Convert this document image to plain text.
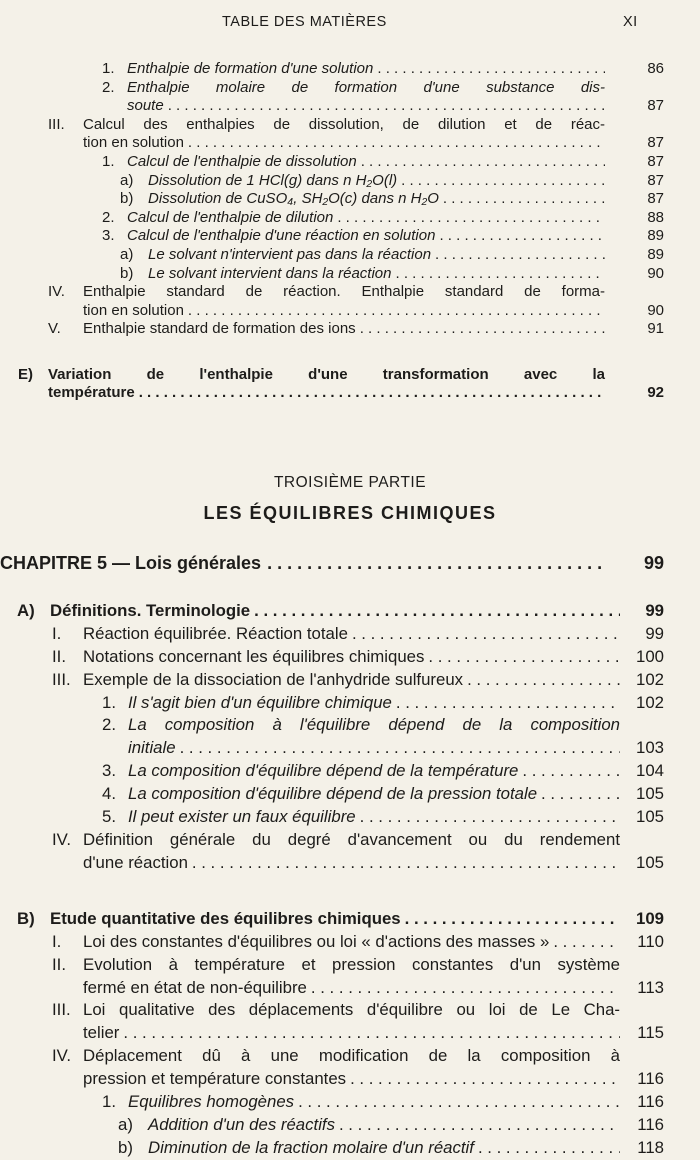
TABLE DES MATIÈRES	XI
1. Enthalpie de formation d'une solution . . .	86
2. Enthalpie molaire de formation d'une substance dis-
soute . . .	87
III. Calcul des enthalpies de dissolution, de dilution et de réac-
tion en solution . . .	87
1. Calcul de l'enthalpie de dissolution . . .	87
a) Dissolution de 1 HCl(g) dans n H₂O(l) . . .	87
b) Dissolution de CuSO₄, SH₂O(c) dans n H₂O . . .	87
2. Calcul de l'enthalpie de dilution . . .	88
3. Calcul de l'enthalpie d'une réaction en solution . . .	89
a) Le solvant n'intervient pas dans la réaction . . .	89
b) Le solvant intervient dans la réaction . . .	90
IV. Enthalpie standard de réaction. Enthalpie standard de forma-
tion en solution . . .	90
V. Enthalpie standard de formation des ions . . .	91
E) Variation de l'enthalpie d'une transformation avec la
température . . .	92
TROISIÈME PARTIE
LES ÉQUILIBRES CHIMIQUES
CHAPITRE 5 — Lois générales . . .	99
A) Définitions. Terminologie . . .	99
I. Réaction équilibrée. Réaction totale . . .	99
II. Notations concernant les équilibres chimiques . . .	100
III. Exemple de la dissociation de l'anhydride sulfureux . . .	102
1. Il s'agit bien d'un équilibre chimique . . .	102
2. La composition à l'équilibre dépend de la composition
initiale . . .	103
3. La composition d'équilibre dépend de la température . . .	104
4. La composition d'équilibre dépend de la pression totale . . .	105
5. Il peut exister un faux équilibre . . .	105
IV. Définition générale du degré d'avancement ou du rendement
d'une réaction . . .	105
B) Etude quantitative des équilibres chimiques . . .	109
I. Loi des constantes d'équilibres ou loi « d'actions des masses » . . .	110
II. Evolution à température et pression constantes d'un système
fermé en état de non-équilibre . . .	113
III. Loi qualitative des déplacements d'équilibre ou loi de Le Cha-
telier . . .	115
IV. Déplacement dû à une modification de la composition à
pression et température constantes . . .	116
1. Equilibres homogènes . . .	116
a) Addition d'un des réactifs . . .	116
b) Diminution de la fraction molaire d'un réactif . . .	118
